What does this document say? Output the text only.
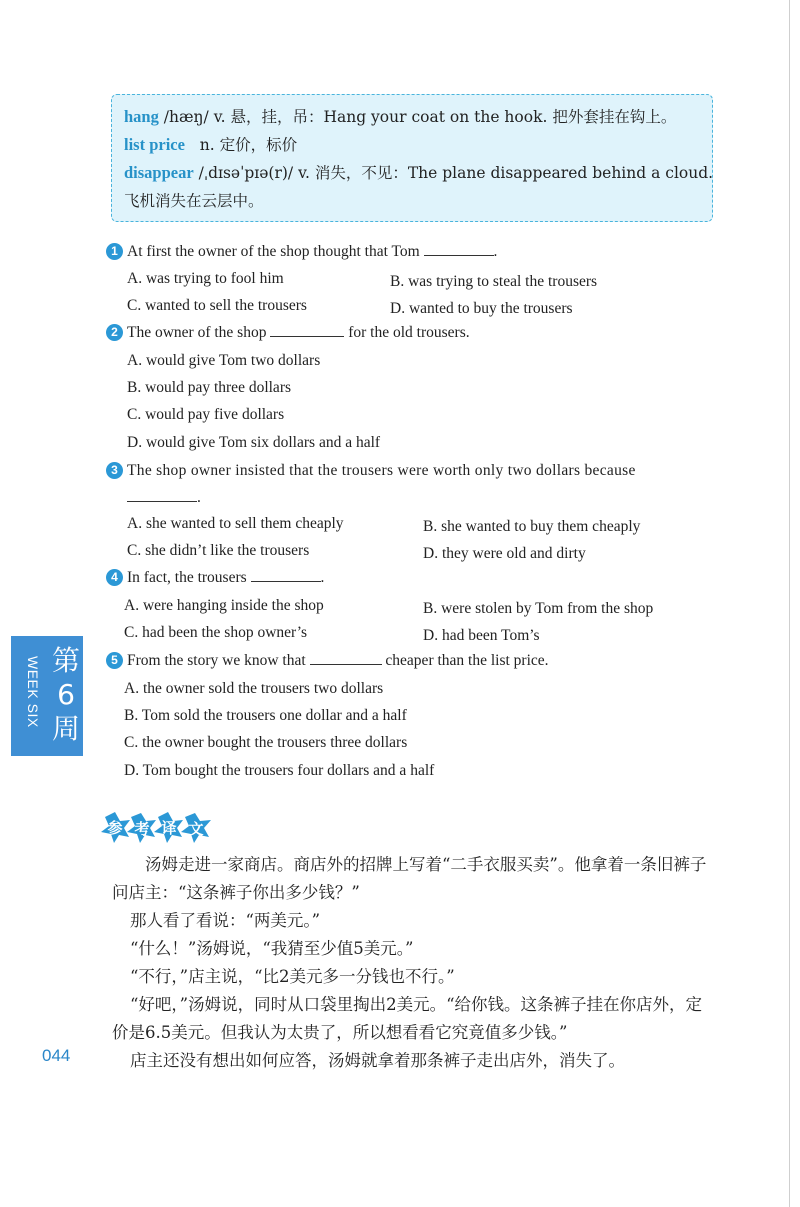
hang /hæŋ/ v. 悬，挂，吊：Hang your coat on the hook. 把外套挂在钩上。
list price   n. 定价，标价
disappear /ˌdɪsəˈpɪə(r)/ v. 消失，不见：The plane disappeared behind a cloud.
飞机消失在云层中。
1 At first the owner of the shop thought that Tom	.
A. was trying to fool him	B. was trying to steal the trousers
C. wanted to sell the trousers	D. wanted to buy the trousers
2 The owner of the shop	for the old trousers.
A. would give Tom two dollars
B. would pay three dollars
C. would pay five dollars
D. would give Tom six dollars and a half
3 The shop owner insisted that the trousers were worth only two dollars because
.
A. she wanted to sell them cheaply	B. she wanted to buy them cheaply
C. she didn’t like the trousers	D. they were old and dirty
4 In fact, the trousers	.
A. were hanging inside the shop	B. were stolen by Tom from the shop
C. had been the shop owner’s	D. had been Tom’s
5 From the story we know that	cheaper than the list price.
A. the owner sold the trousers two dollars
B. Tom sold the trousers one dollar and a half
C. the owner bought the trousers three dollars
D. Tom bought the trousers four dollars and a half
WEEK SIX 第6周
参 考 译 文
汤姆走进一家商店。商店外的招牌上写着“二手衣服买卖”。他拿着一条旧裤子问店主：“这条裤子你出多少钱？”
那人看了看说：“两美元。”
“什么！”汤姆说，“我猜至少值5美元。”
“不行，”店主说，“比2美元多一分钱也不行。”
“好吧，”汤姆说，同时从口袋里掏出2美元。“给你钱。这条裤子挂在你店外，定价是6.5美元。但我认为太贵了，所以想看看它究竟值多少钱。”
店主还没有想出如何应答，汤姆就拿着那条裤子走出店外，消失了。
044
